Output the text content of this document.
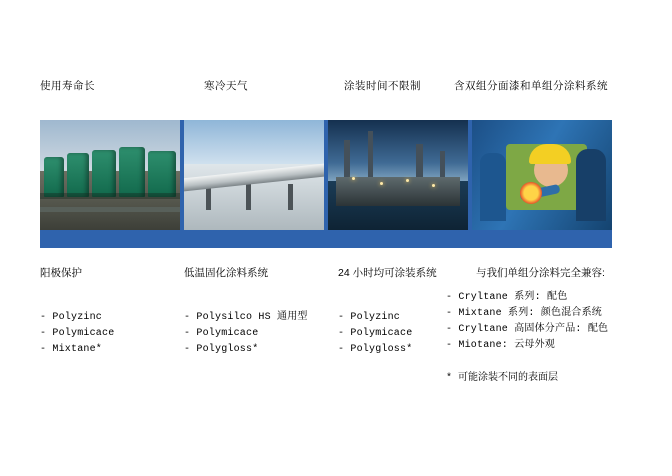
使用寿命长	寒冷天气	涂装时间不限制	含双组分面漆和单组分涂料系统
阳极保护	低温固化涂料系统	24 小时均可涂装系统	与我们单组分涂料完全兼容:
- Polyzinc
- Polymicace
- Mixtane*
- Polysilco HS 通用型
- Polymicace
- Polygloss*
- Polyzinc
- Polymicace
- Polygloss*
- Cryltane 系列: 配色
- Mixtane 系列: 颜色混合系统
- Cryltane 高固体分产品: 配色
- Miotane: 云母外观
* 可能涂装不同的表面层
